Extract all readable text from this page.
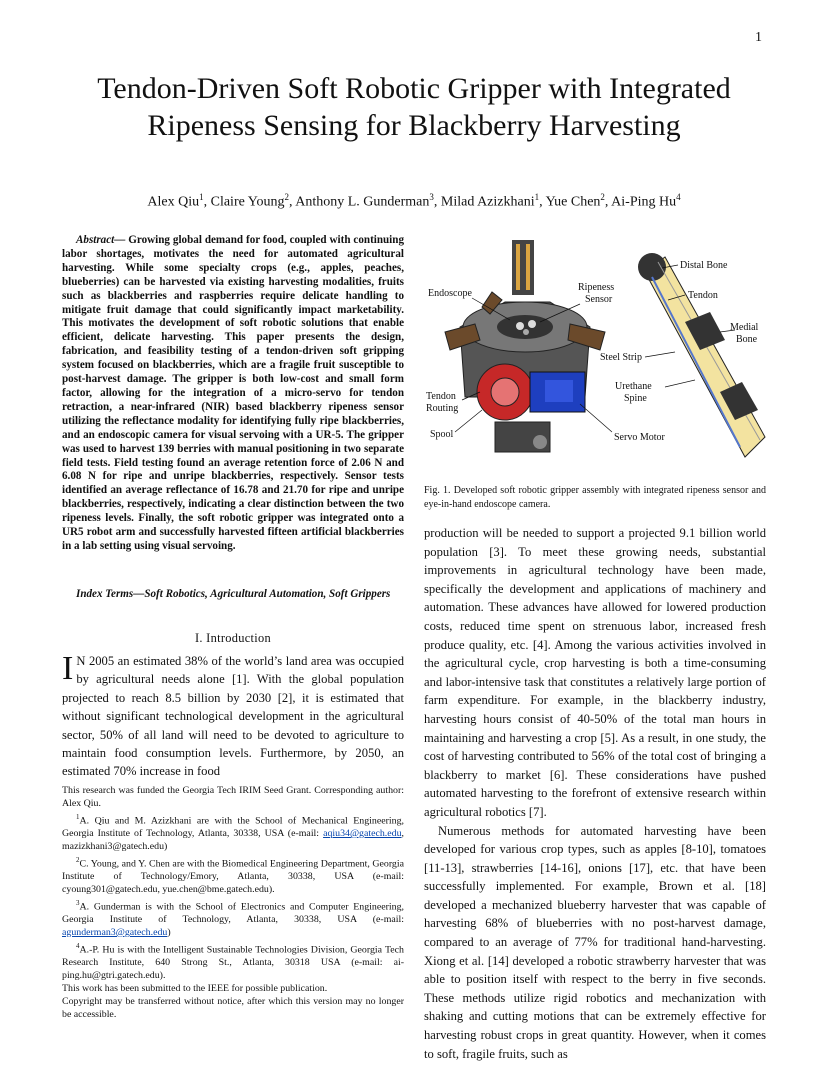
1
Tendon-Driven Soft Robotic Gripper with Integrated Ripeness Sensing for Blackberry Harvesting
Alex Qiu$^1$, Claire Young$^2$, Anthony L. Gunderman$^3$, Milad Azizkhani$^1$, Yue Chen$^2$, Ai-Ping Hu$^4$
Abstract— Growing global demand for food, coupled with continuing labor shortages, motivates the need for automated agricultural harvesting. While some specialty crops (e.g., apples, peaches, blueberries) can be harvested via existing harvesting modalities, fruits such as blackberries and raspberries require delicate handling to mitigate fruit damage that could significantly impact marketability. This motivates the development of soft robotic solutions that enable efficient, delicate harvesting. This paper presents the design, fabrication, and feasibility testing of a tendon-driven soft gripping system focused on blackberries, which are a fragile fruit susceptible to post-harvest damage. The gripper is both low-cost and small form factor, allowing for the integration of a micro-servo for tendon retraction, a near-infrared (NIR) based blackberry ripeness sensor utilizing the reflectance modality for identifying fully ripe blackberries, and an endoscopic camera for visual servoing with a UR-5. The gripper was used to harvest 139 berries with manual positioning in two separate field tests. Field testing found an average retention force of 2.06 N and 6.08 N for ripe and unripe blackberries, respectively. Sensor tests identified an average reflectance of 16.78 and 21.70 for ripe and unripe blackberries, respectively, indicating a clear distinction between the two ripeness levels. Finally, the soft robotic gripper was integrated onto a UR5 robot arm and successfully harvested fifteen artificial blackberries in a lab setting using visual servoing.
Index Terms—Soft Robotics, Agricultural Automation, Soft Grippers
I. Introduction
I N 2005 an estimated 38% of the world’s land area was occupied by agricultural needs alone [1]. With the global population projected to reach 8.5 billion by 2030 [2], it is estimated that without significant technological development in the agricultural sector, 50% of all land will need to be devoted to agriculture to maintain food consumption levels. Furthermore, by 2050, an estimated 70% increase in food

This research was funded the Georgia Tech IRIM Seed Grant. Corresponding author: Alex Qiu.

$^1$A. Qiu and M. Azizkhani are with the School of Mechanical Engineering, Georgia Institute of Technology, Atlanta, 30338, USA (e-mail: aqiu34@gatech.edu, mazizkhani3@gatech.edu)

$^2$C. Young, and Y. Chen are with the Biomedical Engineering Department, Georgia Institute of Technology/Emory, Atlanta, 30338, USA (e-mail: cyoung301@gatech.edu, yue.chen@bme.gatech.edu).

$^3$A. Gunderman is with the School of Electronics and Computer Engineering, Georgia Institute of Technology, Atlanta, 30338, USA (e-mail: agunderman3@gatech.edu)

$^4$A.-P. Hu is with the Intelligent Sustainable Technologies Division, Georgia Tech Research Institute, 640 Strong St., Atlanta, 30318 USA (e-mail: ai-ping.hu@gtri.gatech.edu).

This work has been submitted to the IEEE for possible publication.

Copyright may be transferred without notice, after which this version may no longer be accessible.

Endoscope
Ripeness
Sensor
Distal Bone
Tendon
Medial
Bone
Steel Strip
Urethane
Spine
Tendon
Routing
Spool	Servo Motor
Fig. 1. Developed soft robotic gripper assembly with integrated ripeness sensor and eye-in-hand endoscope camera.

production will be needed to support a projected 9.1 billion world population [3]. To meet these growing needs, substantial improvements in agricultural technology have been made, specifically the development and applications of machinery and automation. These advances have allowed for lowered production costs, reduced time spent on strenuous labor, increased fresh produce quality, etc. [4]. Among the various activities involved in the agricultural cycle, crop harvesting is both a time-consuming and labor-intensive task that constitutes a relatively large portion of farm expenditure. For example, in the blackberry industry, harvesting hours consist of 40-50% of the total man hours in maintaining and harvesting a crop [5]. As a result, in one study, the cost of harvesting contributed to 56% of the total cost of bringing a blackberry to market [6]. These considerations have pushed automated harvesting to the forefront of extensive research within agricultural robotics [7].

Numerous methods for automated harvesting have been developed for various crop types, such as apples [8-10], tomatoes [11-13], strawberries [14-16], onions [17], etc. that have been successfully implemented. For example, Brown et al. [18] developed a mechanized blueberry harvester that was capable of harvesting 68% of blueberries with no post-harvest damage, compared to an average of 77% for traditional hand-harvesting. Xiong et al. [14] developed a robotic strawberry harvester that was able to position itself with respect to the berry in five seconds. These methods utilize rigid robotics and mechanization with shaking and cutting motions that can be extremely effective for harvesting robust crops in great quantity. However, when it comes to soft, fragile fruits, such as
